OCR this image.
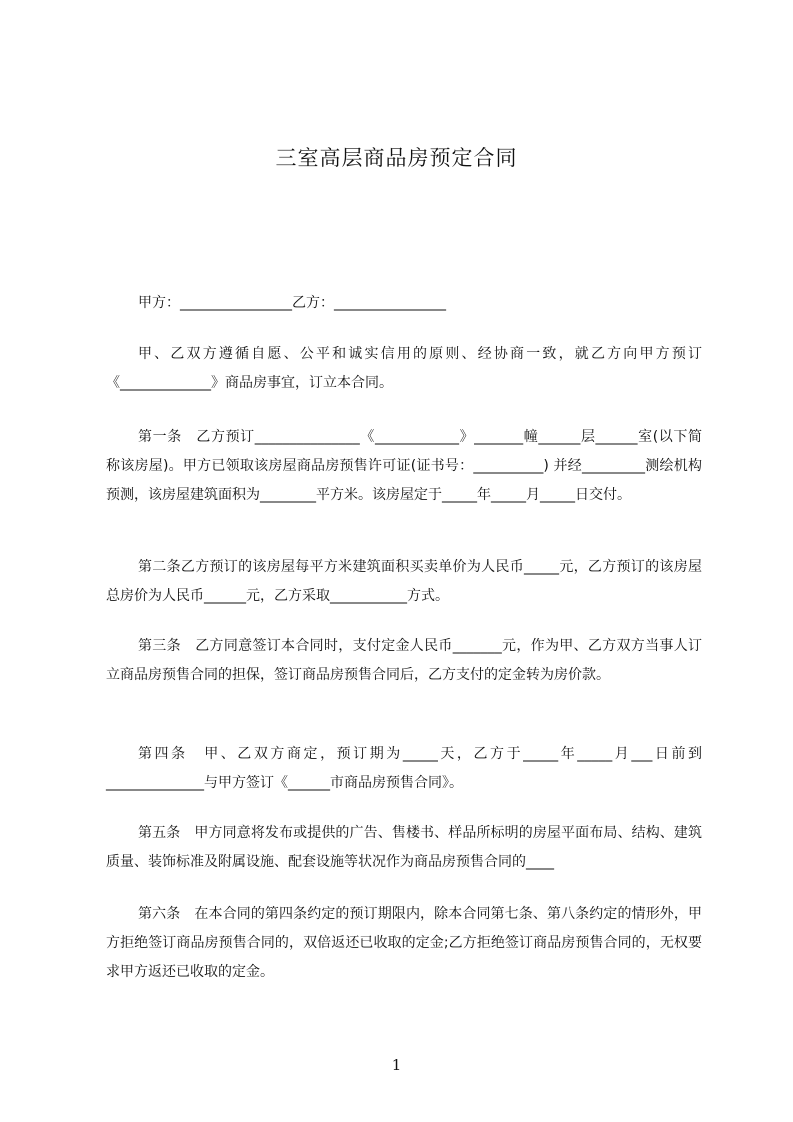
三室高层商品房预定合同
甲方：________________乙方：________________
甲、乙双方遵循自愿、公平和诚实信用的原则、经协商一致，就乙方向甲方预订《_____________》商品房事宜，订立本合同。
第一条　乙方预订_______________《____________》_______幢______层______室(以下简称该房屋)。甲方已领取该房屋商品房预售许可证(证书号：__________) 并经_________测绘机构预测，该房屋建筑面积为________平方米。该房屋定于_____年_____月_____日交付。
第二条乙方预订的该房屋每平方米建筑面积买卖单价为人民币_____元，乙方预订的该房屋总房价为人民币______元，乙方采取___________方式。
第三条　乙方同意签订本合同时，支付定金人民币_______元，作为甲、乙方双方当事人订立商品房预售合同的担保，签订商品房预售合同后，乙方支付的定金转为房价款。
第四条　甲、乙双方商定，预订期为_____天，乙方于_____年_____月___日前到______________与甲方签订《______市商品房预售合同》。
第五条　甲方同意将发布或提供的广告、售楼书、样品所标明的房屋平面布局、结构、建筑质量、装饰标准及附属设施、配套设施等状况作为商品房预售合同的____
第六条　在本合同的第四条约定的预订期限内，除本合同第七条、第八条约定的情形外，甲方拒绝签订商品房预售合同的，双倍返还已收取的定金;乙方拒绝签订商品房预售合同的，无权要求甲方返还已收取的定金。
1
